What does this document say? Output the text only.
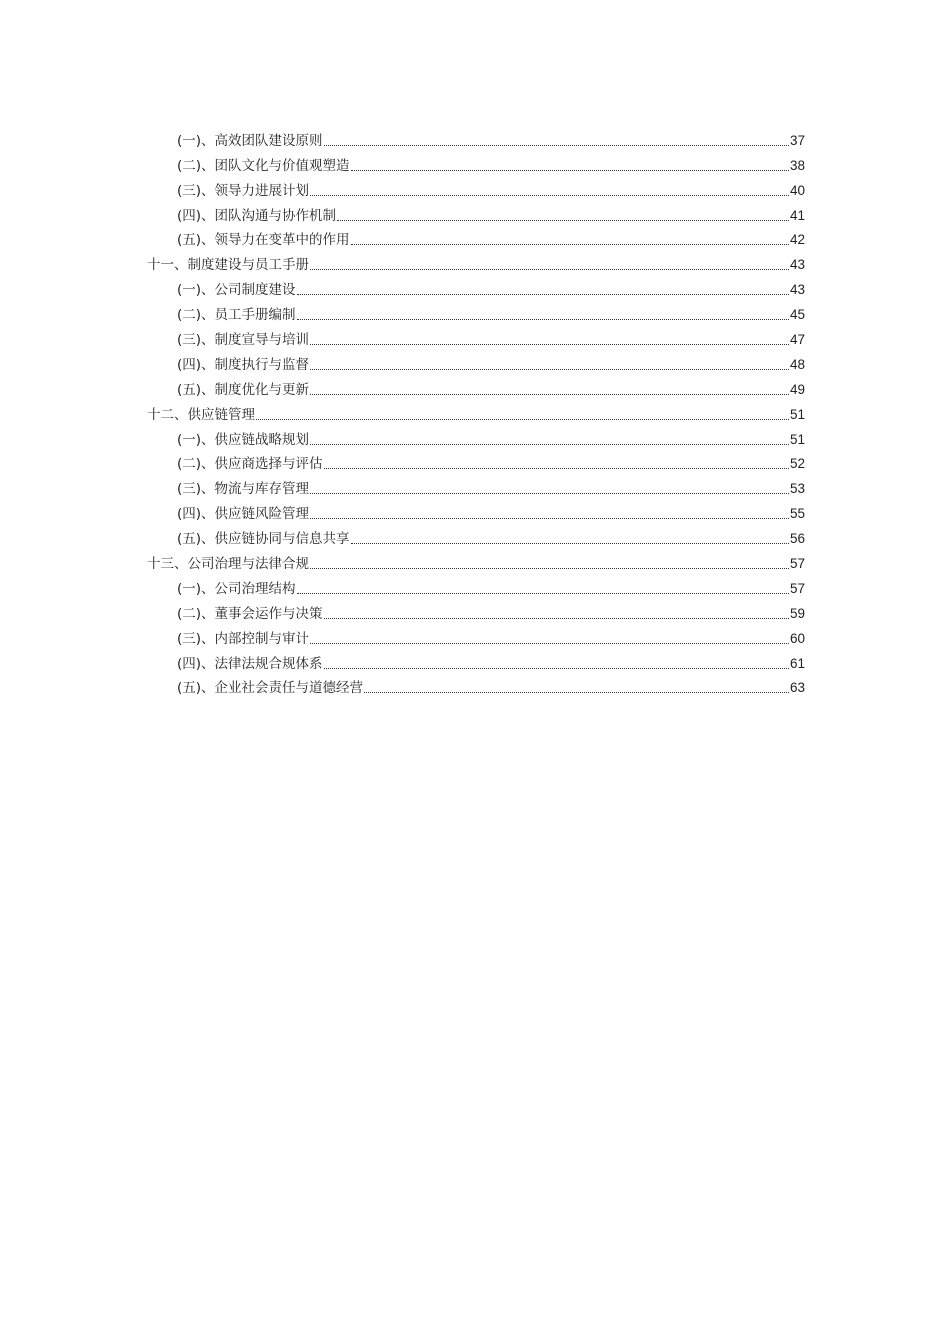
(一)、高效团队建设原则	37
(二)、团队文化与价值观塑造	38
(三)、领导力进展计划	40
(四)、团队沟通与协作机制	41
(五)、领导力在变革中的作用	42
十一、制度建设与员工手册	43
(一)、公司制度建设	43
(二)、员工手册编制	45
(三)、制度宣导与培训	47
(四)、制度执行与监督	48
(五)、制度优化与更新	49
十二、供应链管理	51
(一)、供应链战略规划	51
(二)、供应商选择与评估	52
(三)、物流与库存管理	53
(四)、供应链风险管理	55
(五)、供应链协同与信息共享	56
十三、公司治理与法律合规	57
(一)、公司治理结构	57
(二)、董事会运作与决策	59
(三)、内部控制与审计	60
(四)、法律法规合规体系	61
(五)、企业社会责任与道德经营	63
